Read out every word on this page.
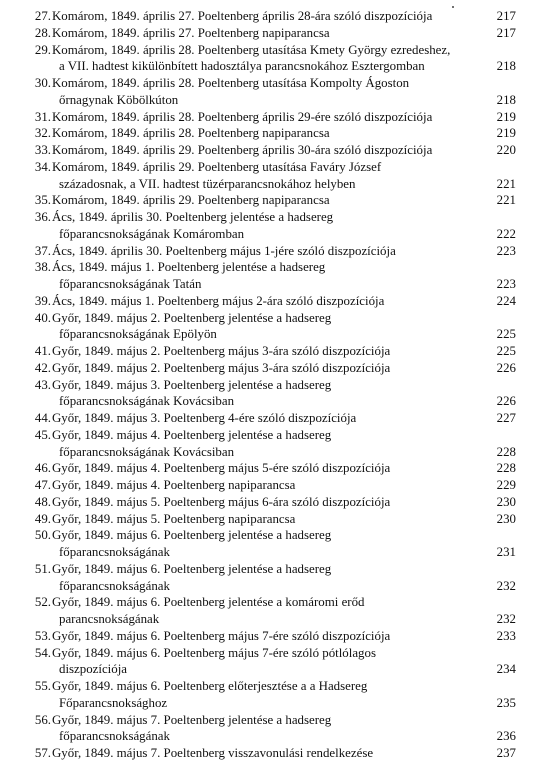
27. Komárom, 1849. április 27. Poeltenberg április 28-ára szóló diszpozíciója	217
28. Komárom, 1849. április 27. Poeltenberg napiparancsa	217
29. Komárom, 1849. április 28. Poeltenberg utasítása Kmety György ezredeshez,
a VII. hadtest kikülönbített hadosztálya parancsnokához Esztergomban	218
30. Komárom, 1849. április 28. Poeltenberg utasítása Kompolty Ágoston
őrnagynak Köbölkúton	218
31. Komárom, 1849. április 28. Poeltenberg április 29-ére szóló diszpozíciója	219
32. Komárom, 1849. április 28. Poeltenberg napiparancsa	219
33. Komárom, 1849. április 29. Poeltenberg április 30-ára szóló diszpozíciója	220
34. Komárom, 1849. április 29. Poeltenberg utasítása Faváry József
századosnak, a VII. hadtest tüzérparancsnokához helyben	221
35. Komárom, 1849. április 29. Poeltenberg napiparancsa	221
36. Ács, 1849. április 30. Poeltenberg jelentése a hadsereg
főparancsnokságának Komáromban	222
37. Ács, 1849. április 30. Poeltenberg május 1-jére szóló diszpozíciója	223
38. Ács, 1849. május 1. Poeltenberg jelentése a hadsereg
főparancsnokságának Tatán	223
39. Ács, 1849. május 1. Poeltenberg május 2-ára szóló diszpozíciója	224
40. Győr, 1849. május 2. Poeltenberg jelentése a hadsereg
főparancsnokságának Epölyön	225
41. Győr, 1849. május 2. Poeltenberg május 3-ára szóló diszpozíciója	225
42. Győr, 1849. május 2. Poeltenberg május 3-ára szóló diszpozíciója	226
43. Győr, 1849. május 3. Poeltenberg jelentése a hadsereg
főparancsnokságának Kovácsiban	226
44. Győr, 1849. május 3. Poeltenberg 4-ére szóló diszpozíciója	227
45. Győr, 1849. május 4. Poeltenberg jelentése a hadsereg
főparancsnokságának Kovácsiban	228
46. Győr, 1849. május 4. Poeltenberg május 5-ére szóló diszpozíciója	228
47. Győr, 1849. május 4. Poeltenberg napiparancsa	229
48. Győr, 1849. május 5. Poeltenberg május 6-ára szóló diszpozíciója	230
49. Győr, 1849. május 5. Poeltenberg napiparancsa	230
50. Győr, 1849. május 6. Poeltenberg jelentése a hadsereg
főparancsnokságának	231
51. Győr, 1849. május 6. Poeltenberg jelentése a hadsereg
főparancsnokságának	232
52. Győr, 1849. május 6. Poeltenberg jelentése a komáromi erőd
parancsnokságának	232
53. Győr, 1849. május 6. Poeltenberg május 7-ére szóló diszpozíciója	233
54. Győr, 1849. május 6. Poeltenberg május 7-ére szóló pótlólagos
diszpozíciója	234
55. Győr, 1849. május 6. Poeltenberg előterjesztése a a Hadsereg
Főparancsnoksághoz	235
56. Győr, 1849. május 7. Poeltenberg jelentése a hadsereg
főparancsnokságának	236
57. Győr, 1849. május 7. Poeltenberg visszavonulási rendelkezése	237
